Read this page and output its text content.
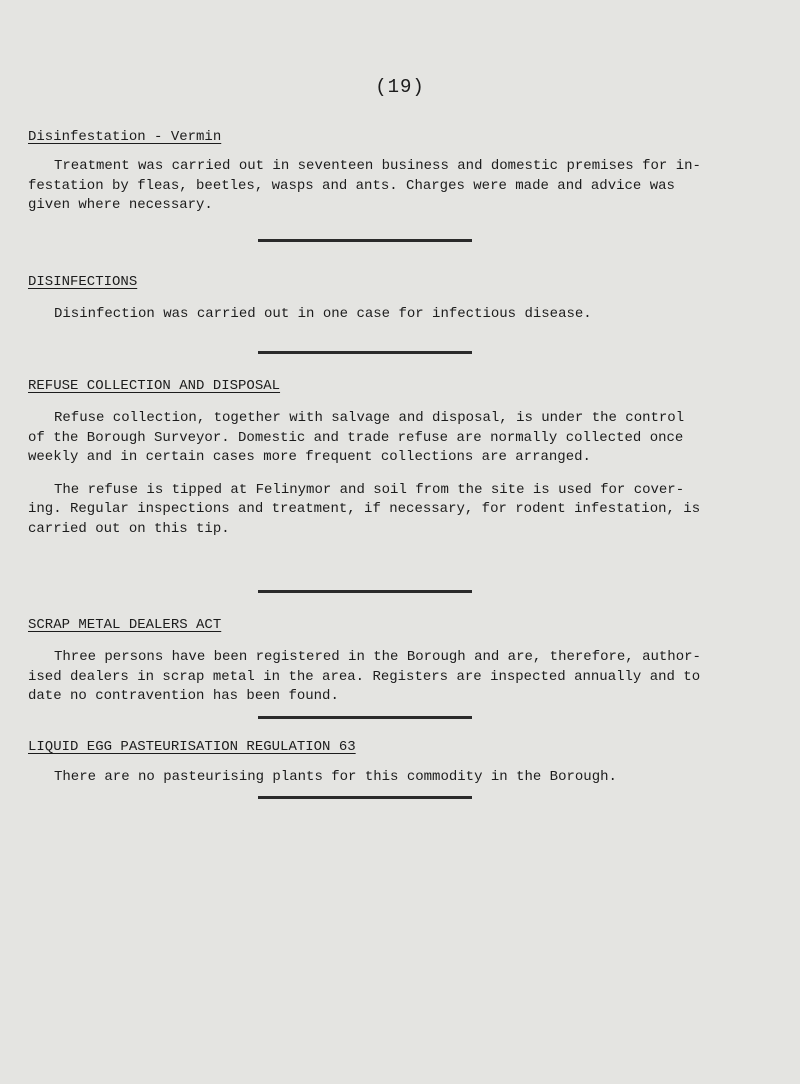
(19)

Disinfestation - Vermin

Treatment was carried out in seventeen business and domestic premises for in-
festation by fleas, beetles, wasps and ants. Charges were made and advice was
given where necessary.

DISINFECTIONS

Disinfection was carried out in one case for infectious disease.

REFUSE COLLECTION AND DISPOSAL

Refuse collection, together with salvage and disposal, is under the control
of the Borough Surveyor. Domestic and trade refuse are normally collected once
weekly and in certain cases more frequent collections are arranged.

The refuse is tipped at Felinymor and soil from the site is used for cover-
ing. Regular inspections and treatment, if necessary, for rodent infestation, is
carried out on this tip.

SCRAP METAL DEALERS ACT

Three persons have been registered in the Borough and are, therefore, author-
ised dealers in scrap metal in the area. Registers are inspected annually and to
date no contravention has been found.

LIQUID EGG PASTEURISATION REGULATION 63

There are no pasteurising plants for this commodity in the Borough.
